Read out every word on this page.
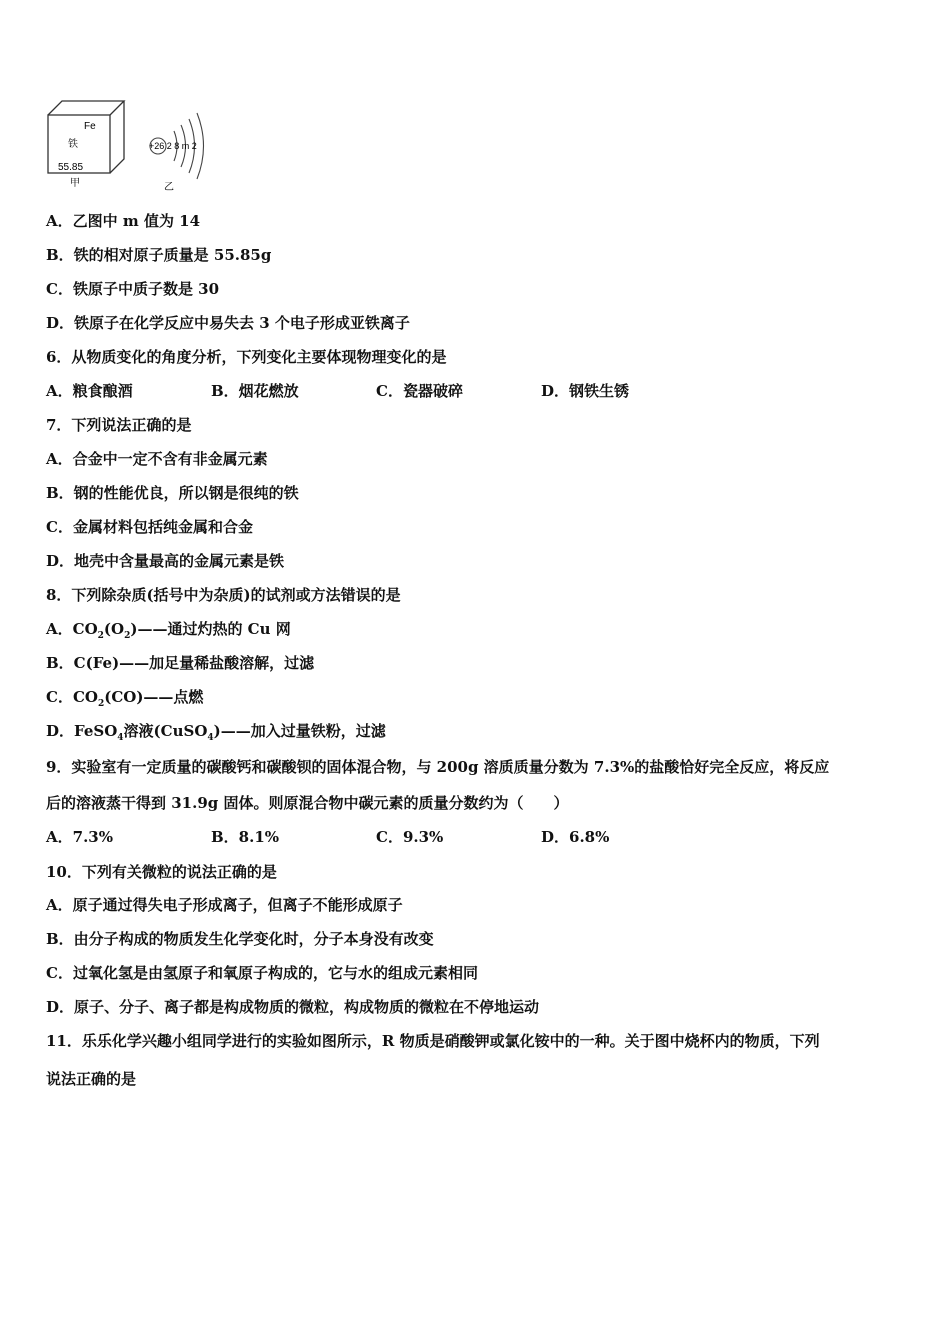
Fe
铁
55.85
甲
+26 2 8 m 2
乙
A．乙图中 m 值为 14
B．铁的相对原子质量是 55.85g
C．铁原子中质子数是 30
D．铁原子在化学反应中易失去 3 个电子形成亚铁离子
6．从物质变化的角度分析，下列变化主要体现物理变化的是
A．粮食酿酒	B．烟花燃放	C．瓷器破碎	D．钢铁生锈
7．下列说法正确的是
A．合金中一定不含有非金属元素
B．钢的性能优良，所以钢是很纯的铁
C．金属材料包括纯金属和合金
D．地壳中含量最高的金属元素是铁
8．下列除杂质(括号中为杂质)的试剂或方法错误的是
A．$CO_2(O_2)——$通过灼热的 Cu 网
B．C(Fe)——加足量稀盐酸溶解，过滤
C．$CO_2(CO)——$点燃
D．FeSO$_4$溶液(CuSO$_4$)——加入过量铁粉，过滤
9．实验室有一定质量的碳酸钙和碳酸钡的固体混合物，与 200g 溶质质量分数为 7.3%的盐酸恰好完全反应，将反应
后的溶液蒸干得到 31.9g 固体。则原混合物中碳元素的质量分数约为（　　）
A．7.3%	B．8.1%	C．9.3%	D．6.8%
10．下列有关微粒的说法正确的是
A．原子通过得失电子形成离子，但离子不能形成原子
B．由分子构成的物质发生化学变化时，分子本身没有改变
C．过氧化氢是由氢原子和氧原子构成的，它与水的组成元素相同
D．原子、分子、离子都是构成物质的微粒，构成物质的微粒在不停地运动
11．乐乐化学兴趣小组同学进行的实验如图所示，R 物质是硝酸钾或氯化铵中的一种。关于图中烧杯内的物质，下列
说法正确的是
